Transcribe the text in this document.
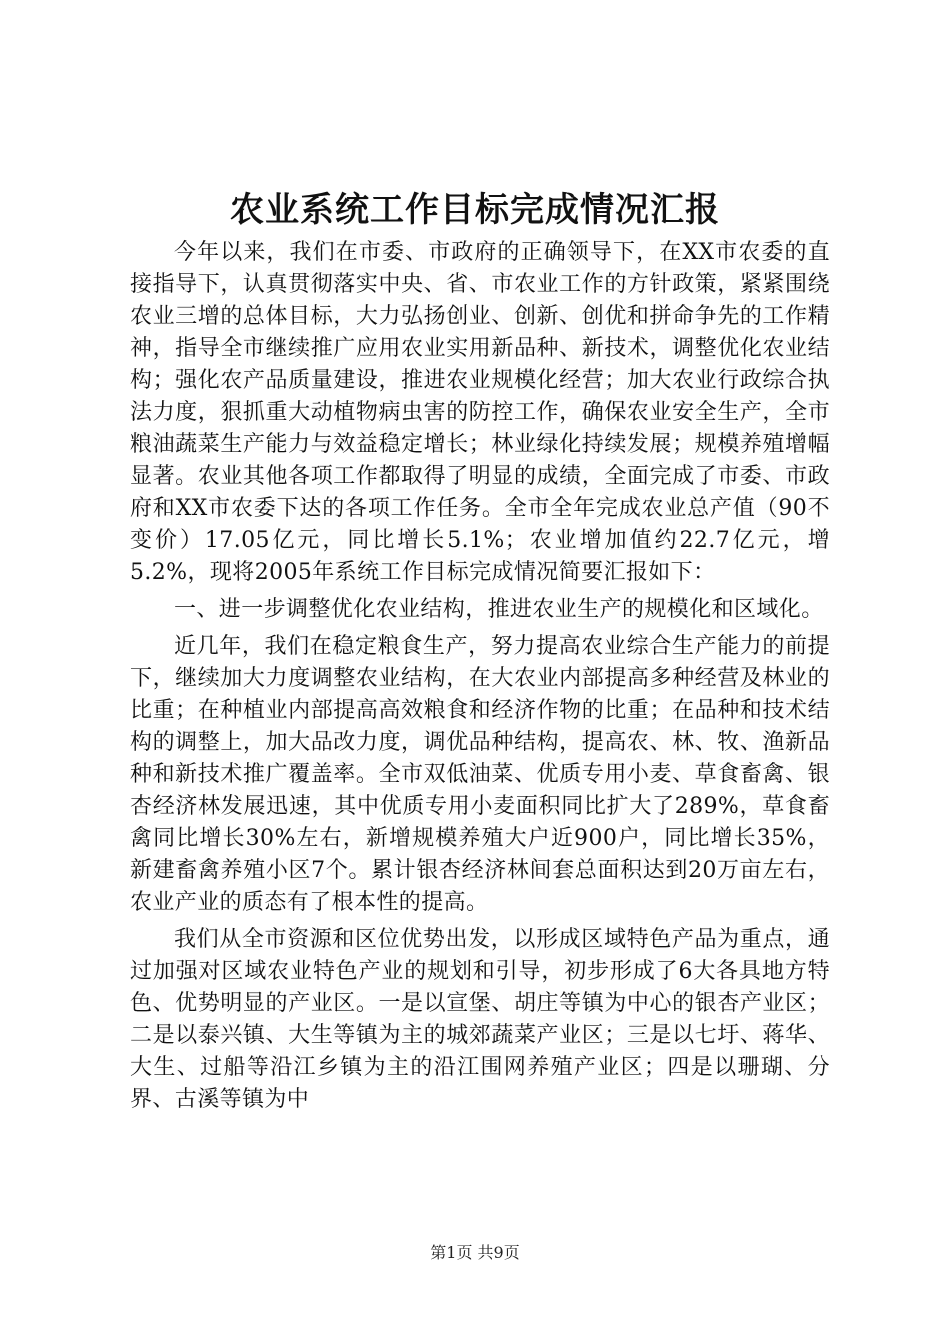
农业系统工作目标完成情况汇报

今年以来，我们在市委、市政府的正确领导下，在XX市农委的直接指导下，认真贯彻落实中央、省、市农业工作的方针政策，紧紧围绕农业三增的总体目标，大力弘扬创业、创新、创优和拼命争先的工作精神，指导全市继续推广应用农业实用新品种、新技术，调整优化农业结构；强化农产品质量建设，推进农业规模化经营；加大农业行政综合执法力度，狠抓重大动植物病虫害的防控工作，确保农业安全生产，全市粮油蔬菜生产能力与效益稳定增长；林业绿化持续发展；规模养殖增幅显著。农业其他各项工作都取得了明显的成绩，全面完成了市委、市政府和XX市农委下达的各项工作任务。全市全年完成农业总产值（90不变价）17.05亿元，同比增长5.1%；农业增加值约22.7亿元，增5.2%，现将2005年系统工作目标完成情况简要汇报如下：

一、进一步调整优化农业结构，推进农业生产的规模化和区域化。

近几年，我们在稳定粮食生产，努力提高农业综合生产能力的前提下，继续加大力度调整农业结构，在大农业内部提高多种经营及林业的比重；在种植业内部提高高效粮食和经济作物的比重；在品种和技术结构的调整上，加大品改力度，调优品种结构，提高农、林、牧、渔新品种和新技术推广覆盖率。全市双低油菜、优质专用小麦、草食畜禽、银杏经济林发展迅速，其中优质专用小麦面积同比扩大了289%，草食畜禽同比增长30%左右，新增规模养殖大户近900户，同比增长35%，新建畜禽养殖小区7个。累计银杏经济林间套总面积达到20万亩左右，农业产业的质态有了根本性的提高。

我们从全市资源和区位优势出发，以形成区域特色产品为重点，通过加强对区域农业特色产业的规划和引导，初步形成了6大各具地方特色、优势明显的产业区。一是以宣堡、胡庄等镇为中心的银杏产业区；二是以泰兴镇、大生等镇为主的城郊蔬菜产业区；三是以七圩、蒋华、大生、过船等沿江乡镇为主的沿江围网养殖产业区；四是以珊瑚、分界、古溪等镇为中

第1页 共9页
